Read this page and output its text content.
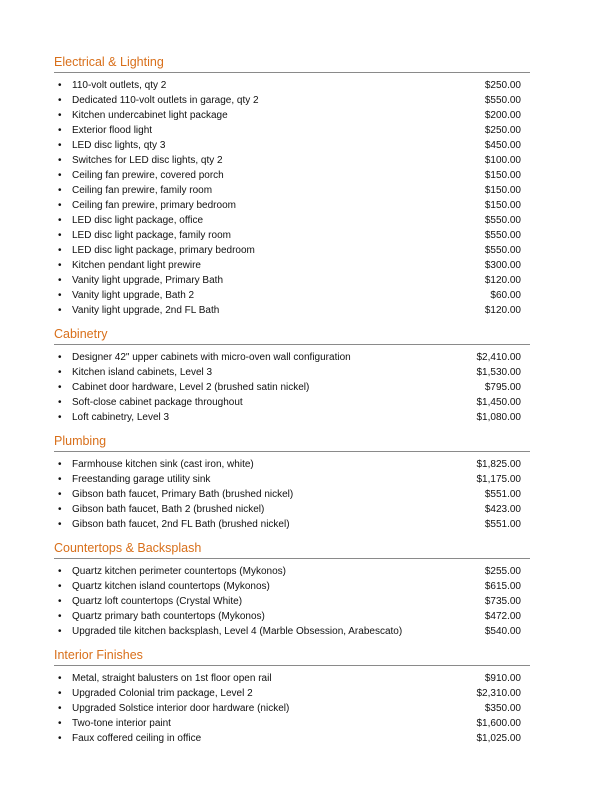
Electrical & Lighting
• 110-volt outlets, qty 2	$250.00
• Dedicated 110-volt outlets in garage, qty 2	$550.00
• Kitchen undercabinet light package	$200.00
• Exterior flood light	$250.00
• LED disc lights, qty 3	$450.00
• Switches for LED disc lights, qty 2	$100.00
• Ceiling fan prewire, covered porch	$150.00
• Ceiling fan prewire, family room	$150.00
• Ceiling fan prewire, primary bedroom	$150.00
• LED disc light package, office	$550.00
• LED disc light package, family room	$550.00
• LED disc light package, primary bedroom	$550.00
• Kitchen pendant light prewire	$300.00
• Vanity light upgrade, Primary Bath	$120.00
• Vanity light upgrade, Bath 2	$60.00
• Vanity light upgrade, 2nd FL Bath	$120.00
Cabinetry
• Designer 42" upper cabinets with micro-oven wall configuration	$2,410.00
• Kitchen island cabinets, Level 3	$1,530.00
• Cabinet door hardware, Level 2 (brushed satin nickel)	$795.00
• Soft-close cabinet package throughout	$1,450.00
• Loft cabinetry, Level 3	$1,080.00
Plumbing
• Farmhouse kitchen sink (cast iron, white)	$1,825.00
• Freestanding garage utility sink	$1,175.00
• Gibson bath faucet, Primary Bath (brushed nickel)	$551.00
• Gibson bath faucet, Bath 2 (brushed nickel)	$423.00
• Gibson bath faucet, 2nd FL Bath (brushed nickel)	$551.00
Countertops & Backsplash
• Quartz kitchen perimeter countertops (Mykonos)	$255.00
• Quartz kitchen island countertops (Mykonos)	$615.00
• Quartz loft countertops (Crystal White)	$735.00
• Quartz primary bath countertops (Mykonos)	$472.00
• Upgraded tile kitchen backsplash, Level 4 (Marble Obsession, Arabescato)	$540.00
Interior Finishes
• Metal, straight balusters on 1st floor open rail	$910.00
• Upgraded Colonial trim package, Level 2	$2,310.00
• Upgraded Solstice interior door hardware (nickel)	$350.00
• Two-tone interior paint	$1,600.00
• Faux coffered ceiling in office	$1,025.00
